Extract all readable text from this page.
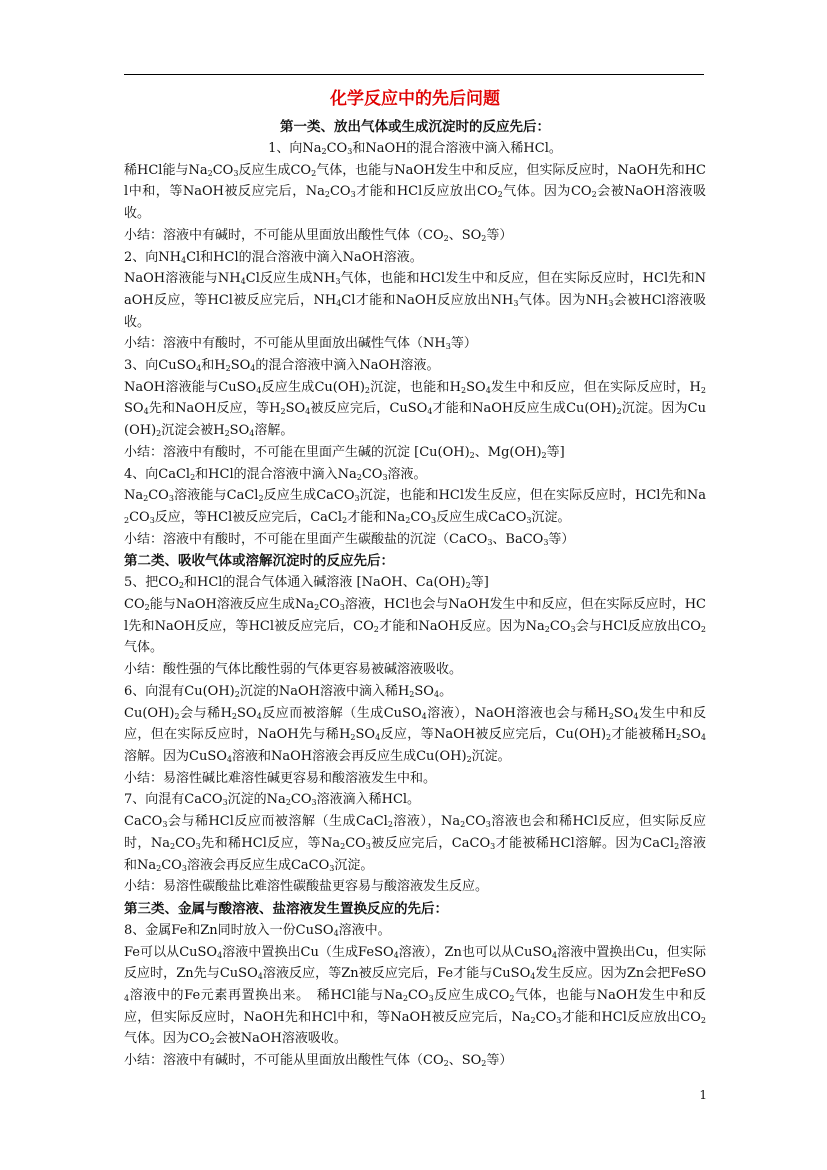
化学反应中的先后问题
第一类、放出气体或生成沉淀时的反应先后：
1、向$Na_2CO_3$和NaOH的混合溶液中滴入稀HCl。

稀HCl能与$Na_2CO_3$反应生成$CO_2$气体，也能与NaOH发生中和反应，但实际反应时，NaOH先和HCl中和，等NaOH被反应完后，$Na_2CO_3$才能和HCl反应放出$CO_2$气体。因为$CO_2$会被NaOH溶液吸收。

小结：溶液中有碱时，不可能从里面放出酸性气体（$CO_2$、$SO_2$等）

2、向$NH_4Cl$和HCl的混合溶液中滴入NaOH溶液。

NaOH溶液能与$NH_4Cl$反应生成$NH_3$气体，也能和HCl发生中和反应，但在实际反应时，HCl先和NaOH反应，等HCl被反应完后，$NH_4Cl$才能和NaOH反应放出$NH_3$气体。因为$NH_3$会被HCl溶液吸收。

小结：溶液中有酸时，不可能从里面放出碱性气体（$NH_3$等）

3、向CuSO$_4$和$H_2SO_4$的混合溶液中滴入NaOH溶液。

NaOH溶液能与CuSO$_4$反应生成$Cu(OH)_2$沉淀，也能和$H_2SO_4$发生中和反应，但在实际反应时，$H_2SO_4$先和NaOH反应，等$H_2SO_4$被反应完后，CuSO$_4$才能和NaOH反应生成$Cu(OH)_2$沉淀。因为$Cu(OH)_2$沉淀会被$H_2SO_4$溶解。

小结：溶液中有酸时，不可能在里面产生碱的沉淀 [$Cu(OH)_2$、$Mg(OH)_2$等]

4、向CaCl$_2$和HCl的混合溶液中滴入$Na_2CO_3$溶液。

$Na_2CO_3$溶液能与CaCl$_2$反应生成CaCO$_3$沉淀，也能和HCl发生反应，但在实际反应时，HCl先和$Na_2CO_3$反应，等HCl被反应完后，CaCl$_2$才能和$Na_2CO_3$反应生成CaCO$_3$沉淀。

小结：溶液中有酸时，不可能在里面产生碳酸盐的沉淀（CaCO$_3$、BaCO$_3$等）

第二类、吸收气体或溶解沉淀时的反应先后：

5、把$CO_2$和HCl的混合气体通入碱溶液 [NaOH、$Ca(OH)_2$等]

$CO_2$能与NaOH溶液反应生成$Na_2CO_3$溶液，HCl也会与NaOH发生中和反应，但在实际反应时，HCl先和NaOH反应，等HCl被反应完后，$CO_2$才能和NaOH反应。因为$Na_2CO_3$会与HCl反应放出$CO_2$气体。

小结：酸性强的气体比酸性弱的气体更容易被碱溶液吸收。

6、向混有$Cu(OH)_2$沉淀的NaOH溶液中滴入稀$H_2SO_4$。

$Cu(OH)_2$会与稀$H_2SO_4$反应而被溶解（生成CuSO$_4$溶液），NaOH溶液也会与稀$H_2SO_4$发生中和反应，但在实际反应时，NaOH先与稀$H_2SO_4$反应，等NaOH被反应完后，$Cu(OH)_2$才能被稀$H_2SO_4$溶解。因为CuSO$_4$溶液和NaOH溶液会再反应生成$Cu(OH)_2$沉淀。

小结：易溶性碱比难溶性碱更容易和酸溶液发生中和。

7、向混有CaCO$_3$沉淀的$Na_2CO_3$溶液滴入稀HCl。

CaCO$_3$会与稀HCl反应而被溶解（生成CaCl$_2$溶液），$Na_2CO_3$溶液也会和稀HCl反应，但实际反应时，$Na_2CO_3$先和稀HCl反应，等$Na_2CO_3$被反应完后，CaCO$_3$才能被稀HCl溶解。因为CaCl$_2$溶液和$Na_2CO_3$溶液会再反应生成CaCO$_3$沉淀。

小结：易溶性碳酸盐比难溶性碳酸盐更容易与酸溶液发生反应。

第三类、金属与酸溶液、盐溶液发生置换反应的先后：

8、金属Fe和Zn同时放入一份CuSO$_4$溶液中。

Fe可以从CuSO$_4$溶液中置换出Cu（生成FeSO$_4$溶液），Zn也可以从CuSO$_4$溶液中置换出Cu，但实际反应时，Zn先与CuSO$_4$溶液反应，等Zn被反应完后，Fe才能与CuSO$_4$发生反应。因为Zn会把FeSO$_4$溶液中的Fe元素再置换出来。　稀HCl能与$Na_2CO_3$反应生成$CO_2$气体，也能与NaOH发生中和反应，但实际反应时，NaOH先和HCl中和，等NaOH被反应完后，$Na_2CO_3$才能和HCl反应放出$CO_2$气体。因为$CO_2$会被NaOH溶液吸收。

小结：溶液中有碱时，不可能从里面放出酸性气体（$CO_2$、$SO_2$等）

1
